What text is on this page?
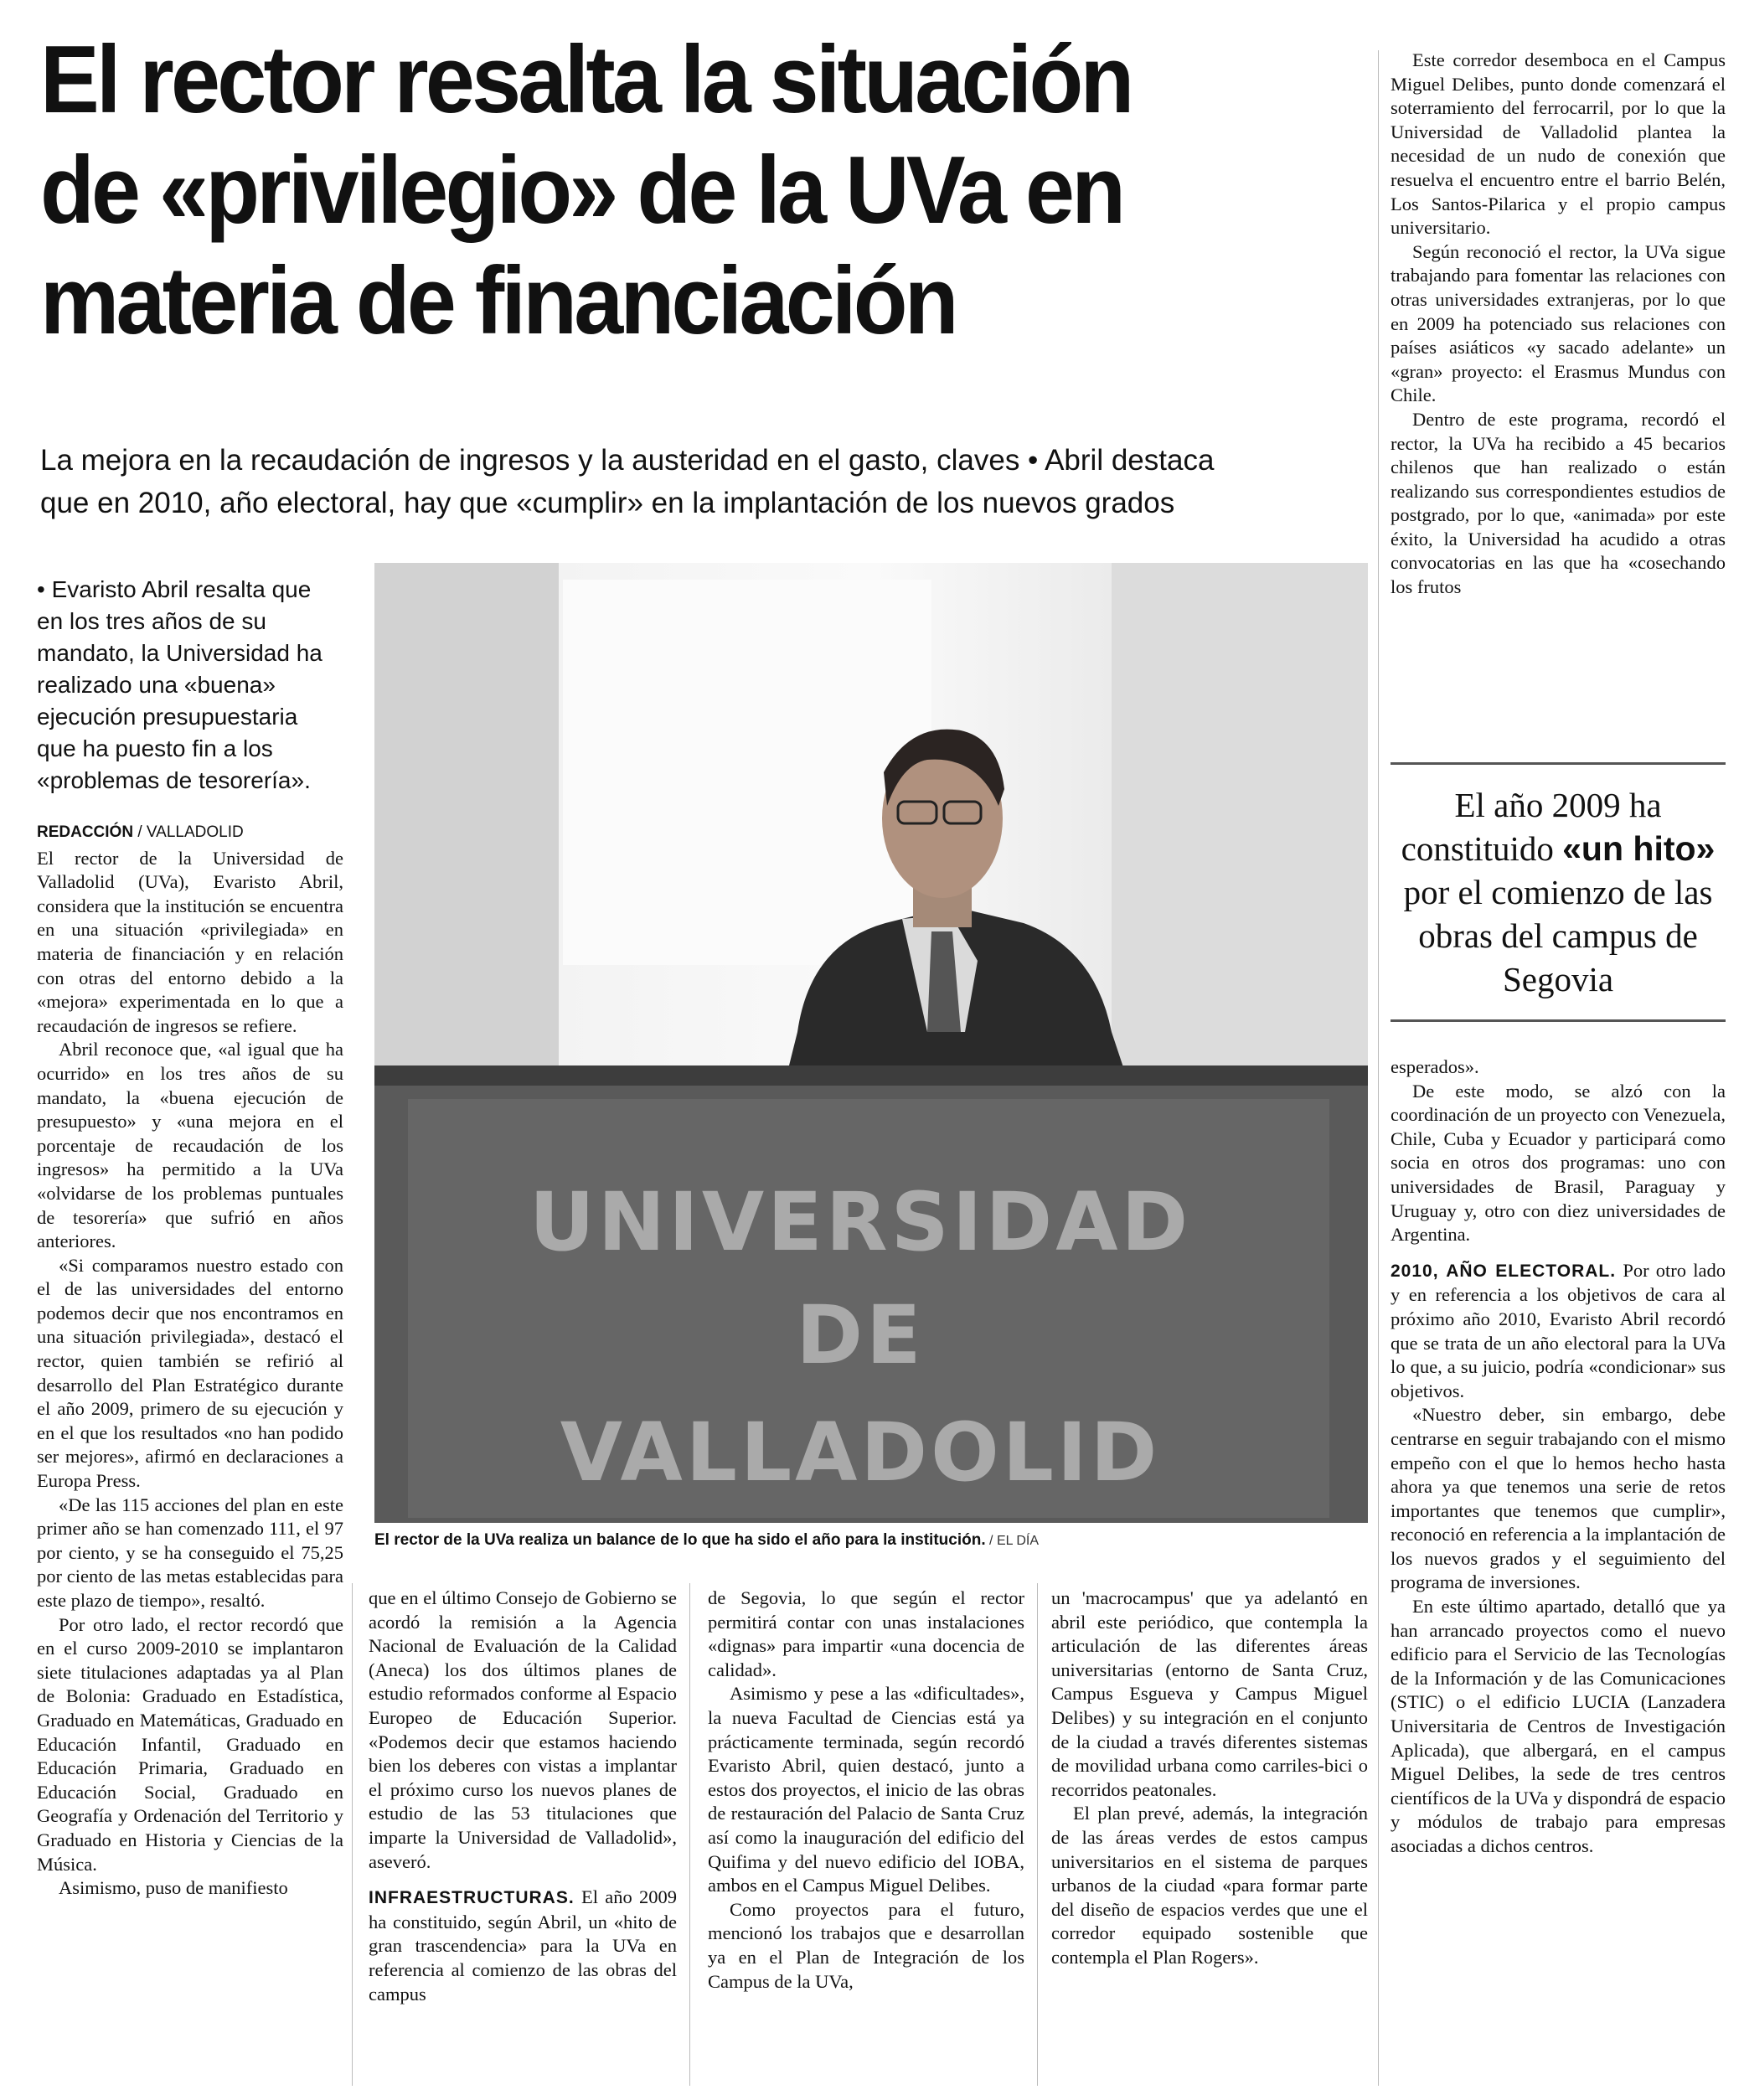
El rector resalta la situación
de «privilegio» de la UVa en
materia de financiación

La mejora en la recaudación de ingresos y la austeridad en el gasto, claves • Abril destaca
que en 2010, año electoral, hay que «cumplir» en la implantación de los nuevos grados

• Evaristo Abril resalta que en los tres años de su mandato, la Universidad ha realizado una «buena» ejecución presupuestaria que ha puesto fin a los «problemas de tesorería».

REDACCIÓN / VALLADOLID

El rector de la Universidad de Valladolid (UVa), Evaristo Abril, considera que la institución se encuentra en una situación «privilegiada» en materia de financiación y en relación con otras del entorno debido a la «mejora» experimentada en lo que a recaudación de ingresos se refiere.

Abril reconoce que, «al igual que ha ocurrido» en los tres años de su mandato, la «buena ejecución de presupuesto» y «una mejora en el porcentaje de recaudación de los ingresos» ha permitido a la UVa «olvidarse de los problemas puntuales de tesorería» que sufrió en años anteriores.

«Si comparamos nuestro estado con el de las universidades del entorno podemos decir que nos encontramos en una situación privilegiada», destacó el rector, quien también se refirió al desarrollo del Plan Estratégico durante el año 2009, primero de su ejecución y en el que los resultados «no han podido ser mejores», afirmó en declaraciones a Europa Press.

«De las 115 acciones del plan en este primer año se han comenzado 111, el 97 por ciento, y se ha conseguido el 75,25 por ciento de las metas establecidas para este plazo de tiempo», resaltó.

Por otro lado, el rector recordó que en el curso 2009-2010 se implantaron siete titulaciones adaptadas ya al Plan de Bolonia: Graduado en Estadística, Graduado en Matemáticas, Graduado en Educación Infantil, Graduado en Educación Primaria, Graduado en Educación Social, Graduado en Geografía y Ordenación del Territorio y Graduado en Historia y Ciencias de la Música.

Asimismo, puso de manifiesto

UNIVERSIDAD
DE
VALLADOLID
El rector de la UVa realiza un balance de lo que ha sido el año para la institución. / EL DÍA

que en el último Consejo de Gobierno se acordó la remisión a la Agencia Nacional de Evaluación de la Calidad (Aneca) los dos últimos planes de estudio reformados conforme al Espacio Europeo de Educación Superior. «Podemos decir que estamos haciendo bien los deberes con vistas a implantar el próximo curso los nuevos planes de estudio de las 53 titulaciones que imparte la Universidad de Valladolid», aseveró.

INFRAESTRUCTURAS. El año 2009 ha constituido, según Abril, un «hito de gran trascendencia» para la UVa en referencia al comienzo de las obras del campus

de Segovia, lo que según el rector permitirá contar con unas instalaciones «dignas» para impartir «una docencia de calidad».

Asimismo y pese a las «dificultades», la nueva Facultad de Ciencias está ya prácticamente terminada, según recordó Evaristo Abril, quien destacó, junto a estos dos proyectos, el inicio de las obras de restauración del Palacio de Santa Cruz así como la inauguración del edificio del Quifima y del nuevo edificio del IOBA, ambos en el Campus Miguel Delibes.

Como proyectos para el futuro, mencionó los trabajos que e desarrollan ya en el Plan de Integración de los Campus de la UVa,

un 'macrocampus' que ya adelantó en abril este periódico, que contempla la articulación de las diferentes áreas universitarias (entorno de Santa Cruz, Campus Esgueva y Campus Miguel Delibes) y su integración en el conjunto de la ciudad a través diferentes sistemas de movilidad urbana como carriles-bici o recorridos peatonales.

El plan prevé, además, la integración de las áreas verdes de estos campus universitarios en el sistema de parques urbanos de la ciudad «para formar parte del diseño de espacios verdes que une el corredor equipado sostenible que contempla el Plan Rogers».

Este corredor desemboca en el Campus Miguel Delibes, punto donde comenzará el soterramiento del ferrocarril, por lo que la Universidad de Valladolid plantea la necesidad de un nudo de conexión que resuelva el encuentro entre el barrio Belén, Los Santos-Pilarica y el propio campus universitario.

Según reconoció el rector, la UVa sigue trabajando para fomentar las relaciones con otras universidades extranjeras, por lo que en 2009 ha potenciado sus relaciones con países asiáticos «y sacado adelante» un «gran» proyecto: el Erasmus Mundus con Chile.

Dentro de este programa, recordó el rector, la UVa ha recibido a 45 becarios chilenos que han realizado o están realizando sus correspondientes estudios de postgrado, por lo que, «animada» por este éxito, la Universidad ha acudido a otras convocatorias en las que ha «cosechando los frutos

El año 2009 ha constituido «un hito» por el comienzo de las obras del campus de Segovia

esperados».

De este modo, se alzó con la coordinación de un proyecto con Venezuela, Chile, Cuba y Ecuador y participará como socia en otros dos programas: uno con universidades de Brasil, Paraguay y Uruguay y, otro con diez universidades de Argentina.

2010, AÑO ELECTORAL. Por otro lado y en referencia a los objetivos de cara al próximo año 2010, Evaristo Abril recordó que se trata de un año electoral para la UVa lo que, a su juicio, podría «condicionar» sus objetivos.

«Nuestro deber, sin embargo, debe centrarse en seguir trabajando con el mismo empeño con el que lo hemos hecho hasta ahora ya que tenemos una serie de retos importantes que tenemos que cumplir», reconoció en referencia a la implantación de los nuevos grados y el seguimiento del programa de inversiones.

En este último apartado, detalló que ya han arrancado proyectos como el nuevo edificio para el Servicio de las Tecnologías de la Información y de las Comunicaciones (STIC) o el edificio LUCIA (Lanzadera Universitaria de Centros de Investigación Aplicada), que albergará, en el campus Miguel Delibes, la sede de tres centros científicos de la UVa y dispondrá de espacio y módulos de trabajo para empresas asociadas a dichos centros.
